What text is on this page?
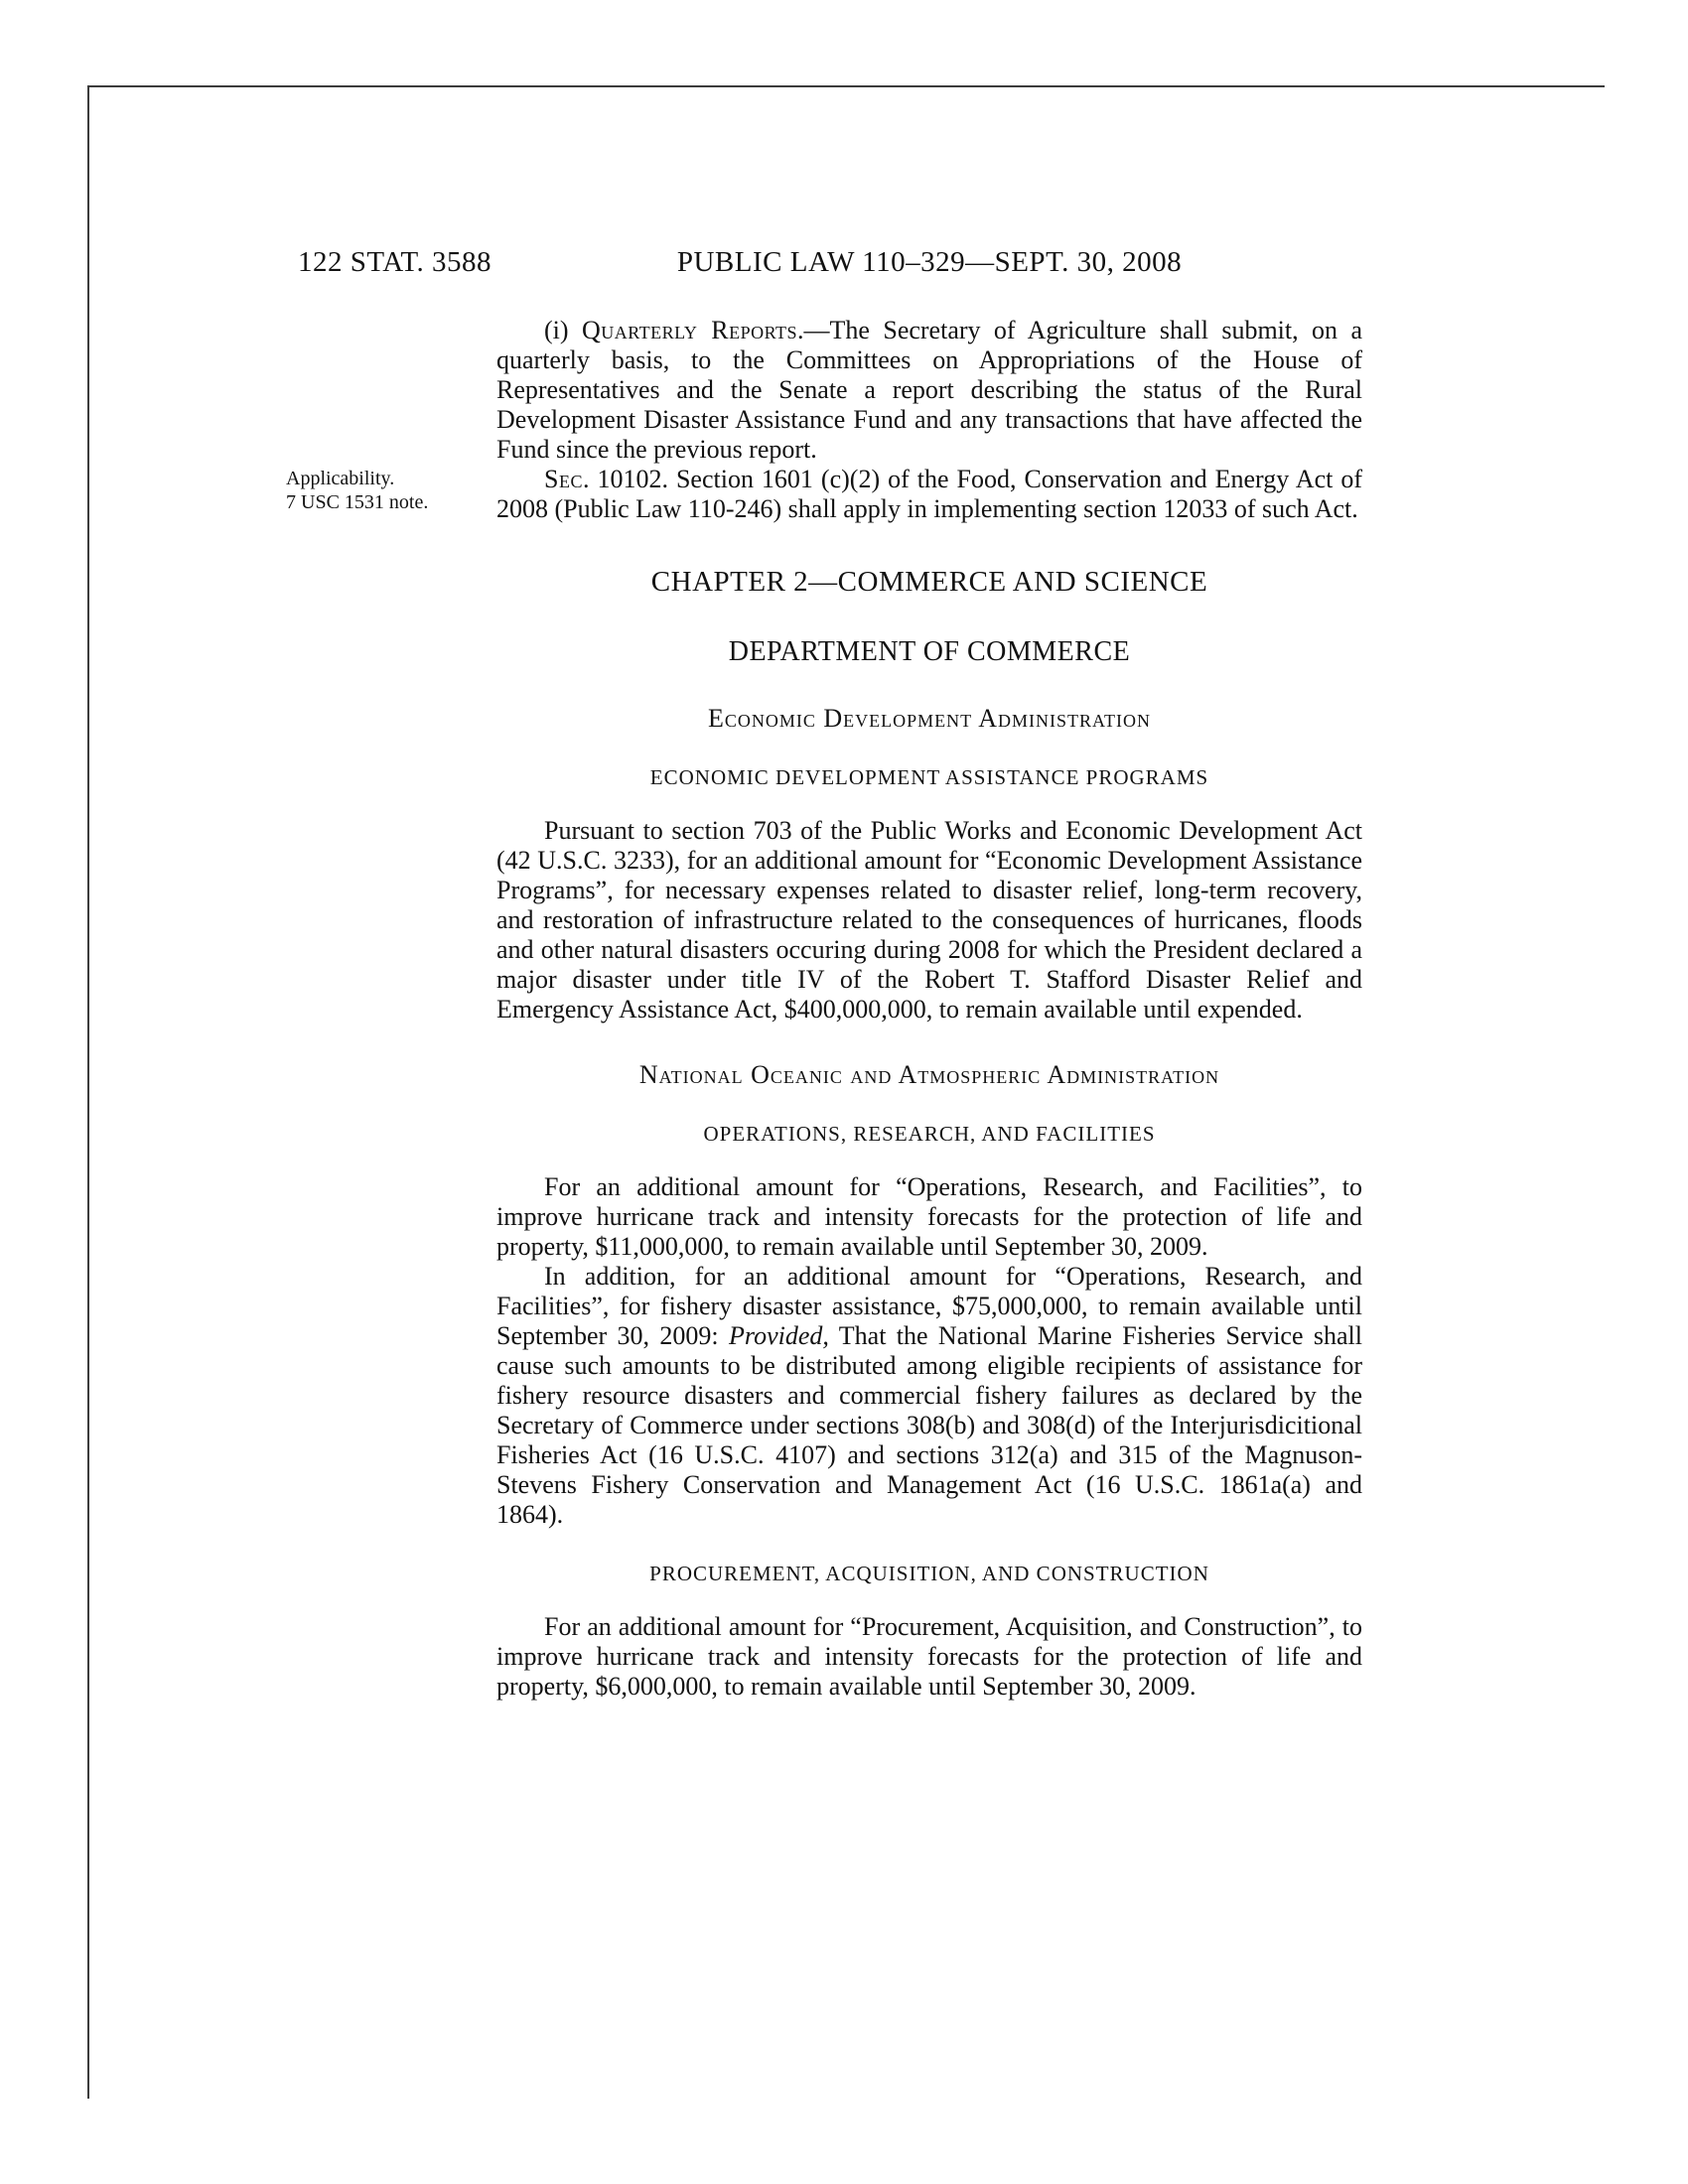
122 STAT. 3588	PUBLIC LAW 110–329—SEPT. 30, 2008

(i) Quarterly Reports.—The Secretary of Agriculture shall submit, on a quarterly basis, to the Committees on Appropriations of the House of Representatives and the Senate a report describing the status of the Rural Development Disaster Assistance Fund and any transactions that have affected the Fund since the previous report.

Applicability.
7 USC 1531 note.
Sec. 10102. Section 1601 (c)(2) of the Food, Conservation and Energy Act of 2008 (Public Law 110-246) shall apply in implementing section 12033 of such Act.

CHAPTER 2—COMMERCE AND SCIENCE
DEPARTMENT OF COMMERCE
Economic Development Administration
ECONOMIC DEVELOPMENT ASSISTANCE PROGRAMS

Pursuant to section 703 of the Public Works and Economic Development Act (42 U.S.C. 3233), for an additional amount for “Economic Development Assistance Programs”, for necessary expenses related to disaster relief, long-term recovery, and restoration of infrastructure related to the consequences of hurricanes, floods and other natural disasters occuring during 2008 for which the President declared a major disaster under title IV of the Robert T. Stafford Disaster Relief and Emergency Assistance Act, $400,000,000, to remain available until expended.

National Oceanic and Atmospheric Administration
OPERATIONS, RESEARCH, AND FACILITIES

For an additional amount for “Operations, Research, and Facilities”, to improve hurricane track and intensity forecasts for the protection of life and property, $11,000,000, to remain available until September 30, 2009.

In addition, for an additional amount for “Operations, Research, and Facilities”, for fishery disaster assistance, $75,000,000, to remain available until September 30, 2009: Provided, That the National Marine Fisheries Service shall cause such amounts to be distributed among eligible recipients of assistance for fishery resource disasters and commercial fishery failures as declared by the Secretary of Commerce under sections 308(b) and 308(d) of the Interjurisdicitional Fisheries Act (16 U.S.C. 4107) and sections 312(a) and 315 of the Magnuson-Stevens Fishery Conservation and Management Act (16 U.S.C. 1861a(a) and 1864).

PROCUREMENT, ACQUISITION, AND CONSTRUCTION

For an additional amount for “Procurement, Acquisition, and Construction”, to improve hurricane track and intensity forecasts for the protection of life and property, $6,000,000, to remain available until September 30, 2009.
